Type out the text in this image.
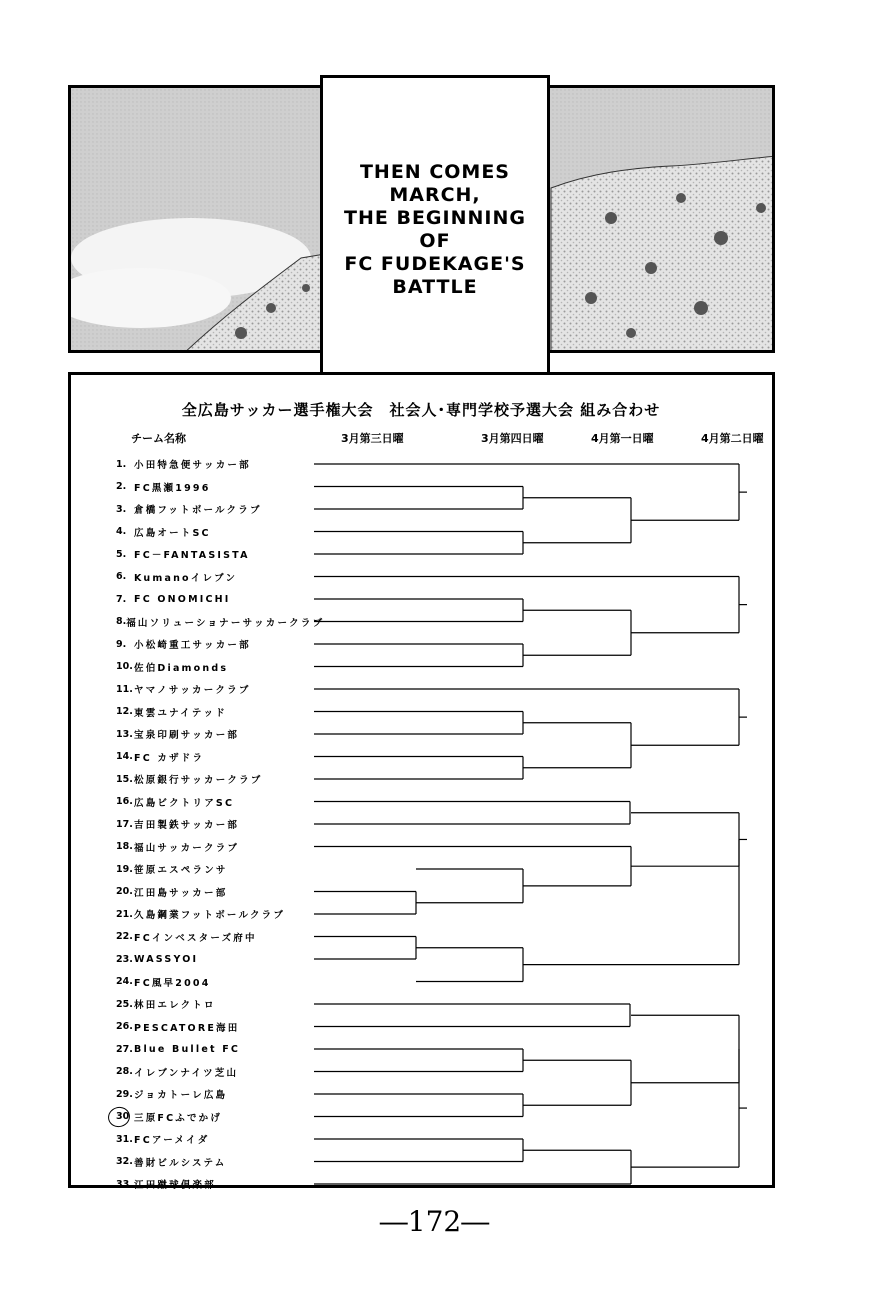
THEN COMES
MARCH,
THE BEGINNING
OF
FC FUDEKAGE'S
BATTLE
全広島サッカー選手権大会　社会人･専門学校予選大会 組み合わせ
チーム名称	3月第三日曜	3月第四日曜	4月第一日曜	4月第二日曜
1. 小田特急便サッカー部
2. FC黒瀬1996
3. 倉橋フットボールクラブ
4. 広島オートSC
5. FC－FANTASISTA
6. Kumanoイレブン
7. FC ONOMICHI
8. 福山ソリューショナーサッカークラブ
9. 小松崎重工サッカー部
10. 佐伯Diamonds
11. ヤマノサッカークラブ
12. 東雲ユナイテッド
13. 宝泉印刷サッカー部
14. FC カザドラ
15. 松原銀行サッカークラブ
16. 広島ビクトリアSC
17. 吉田製鉄サッカー部
18. 福山サッカークラブ
19. 笹原エスペランサ
20. 江田島サッカー部
21. 久島鋼業フットボールクラブ
22. FCインベスターズ府中
23. WASSYOI
24. FC風早2004
25. 林田エレクトロ
26. PESCATORE海田
27. Blue Bullet FC
28. イレブンナイツ芝山
29. ジョカトーレ広島
30 三原FCふでかげ
31. FCアーメイダ
32. 善財ビルシステム
33. 江田蹴球倶楽部
―172―
